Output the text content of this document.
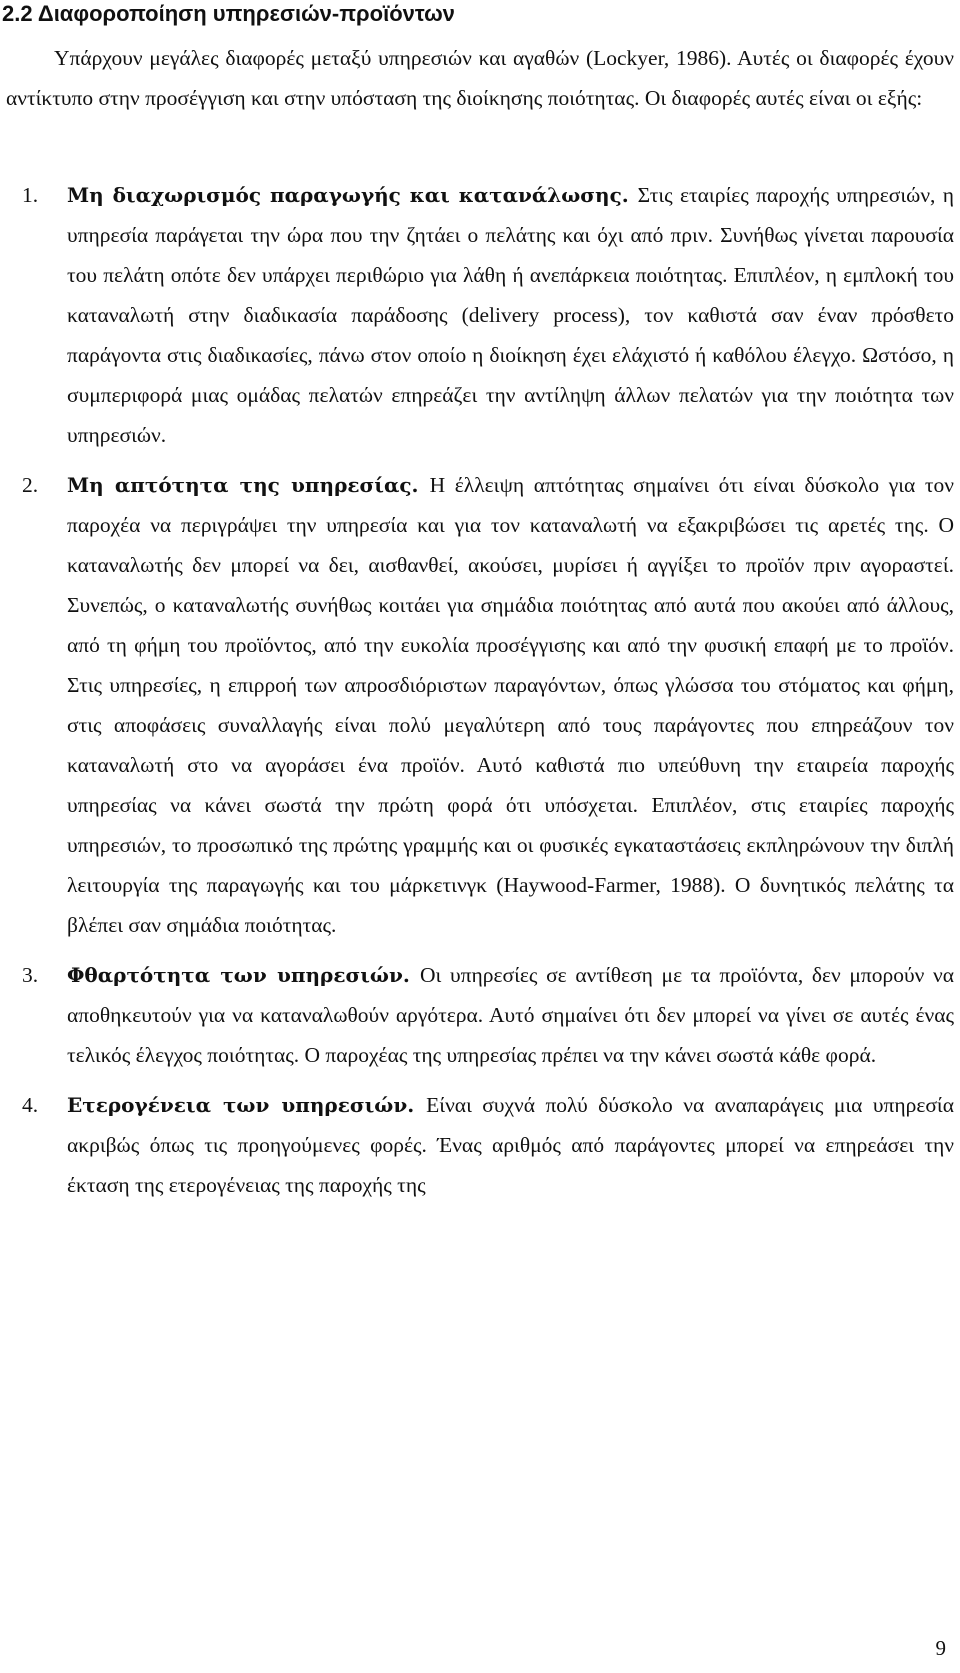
2.2 Διαφοροποίηση υπηρεσιών-προϊόντων

Υπάρχουν μεγάλες διαφορές μεταξύ υπηρεσιών και αγαθών (Lockyer, 1986). Αυτές οι διαφορές έχουν αντίκτυπο στην προσέγγιση και στην υπόσταση της διοίκησης ποιότητας. Οι διαφορές αυτές είναι οι εξής:

1. Μη διαχωρισμός παραγωγής και κατανάλωσης. Στις εταιρίες παροχής υπηρεσιών, η υπηρεσία παράγεται την ώρα που την ζητάει ο πελάτης και όχι από πριν. Συνήθως γίνεται παρουσία του πελάτη οπότε δεν υπάρχει περιθώριο για λάθη ή ανεπάρκεια ποιότητας. Επιπλέον, η εμπλοκή του καταναλωτή στην διαδικασία παράδοσης (delivery process), τον καθιστά σαν έναν πρόσθετο παράγοντα στις διαδικασίες, πάνω στον οποίο η διοίκηση έχει ελάχιστό ή καθόλου έλεγχο. Ωστόσο, η συμπεριφορά μιας ομάδας πελατών επηρεάζει την αντίληψη άλλων πελατών για την ποιότητα των υπηρεσιών.
2. Μη απτότητα της υπηρεσίας. Η έλλειψη απτότητας σημαίνει ότι είναι δύσκολο για τον παροχέα να περιγράψει την υπηρεσία και για τον καταναλωτή να εξακριβώσει τις αρετές της. Ο καταναλωτής δεν μπορεί να δει, αισθανθεί, ακούσει, μυρίσει ή αγγίξει το προϊόν πριν αγοραστεί. Συνεπώς, ο καταναλωτής συνήθως κοιτάει για σημάδια ποιότητας από αυτά που ακούει από άλλους, από τη φήμη του προϊόντος, από την ευκολία προσέγγισης και από την φυσική επαφή με το προϊόν. Στις υπηρεσίες, η επιρροή των απροσδιόριστων παραγόντων, όπως γλώσσα του στόματος και φήμη, στις αποφάσεις συναλλαγής είναι πολύ μεγαλύτερη από τους παράγοντες που επηρεάζουν τον καταναλωτή στο να αγοράσει ένα προϊόν. Αυτό καθιστά πιο υπεύθυνη την εταιρεία παροχής υπηρεσίας να κάνει σωστά την πρώτη φορά ότι υπόσχεται. Επιπλέον, στις εταιρίες παροχής υπηρεσιών, το προσωπικό της πρώτης γραμμής και οι φυσικές εγκαταστάσεις εκπληρώνουν την διπλή λειτουργία της παραγωγής και του μάρκετινγκ (Haywood-Farmer, 1988). Ο δυνητικός πελάτης τα βλέπει σαν σημάδια ποιότητας.
3. Φθαρτότητα των υπηρεσιών. Οι υπηρεσίες σε αντίθεση με τα προϊόντα, δεν μπορούν να αποθηκευτούν για να καταναλωθούν αργότερα. Αυτό σημαίνει ότι δεν μπορεί να γίνει σε αυτές ένας τελικός έλεγχος ποιότητας. Ο παροχέας της υπηρεσίας πρέπει να την κάνει σωστά κάθε φορά.
4. Ετερογένεια των υπηρεσιών. Είναι συχνά πολύ δύσκολο να αναπαράγεις μια υπηρεσία ακριβώς όπως τις προηγούμενες φορές. Ένας αριθμός από παράγοντες μπορεί να επηρεάσει την έκταση της ετερογένειας της παροχής της
9
